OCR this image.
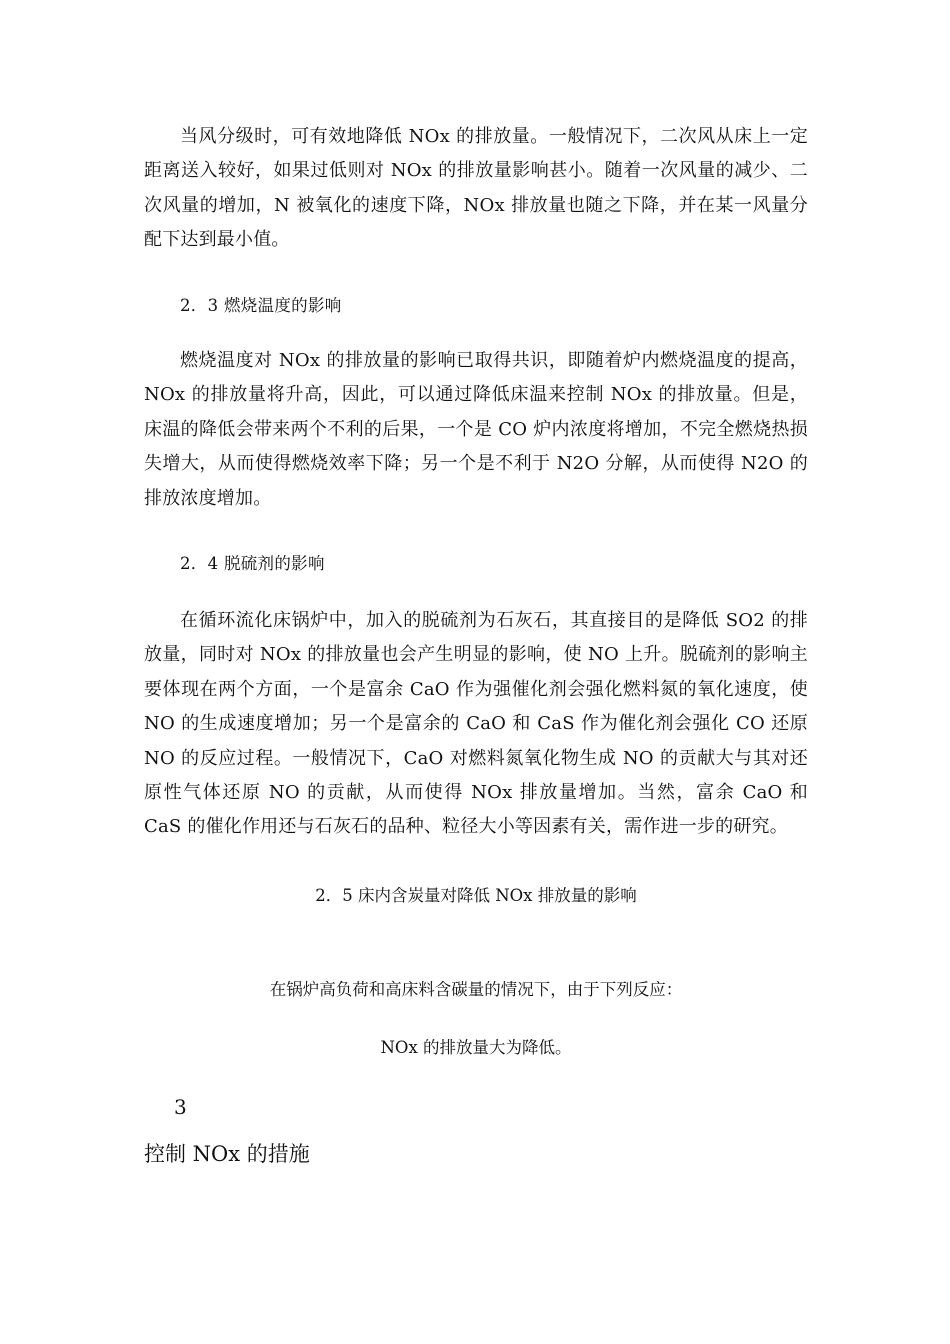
当风分级时，可有效地降低 NOx 的排放量。一般情况下，二次风从床上一定距离送入较好，如果过低则对 NOx 的排放量影响甚小。随着一次风量的减少、二次风量的增加，N 被氧化的速度下降，NOx 排放量也随之下降，并在某一风量分配下达到最小值。

2．3 燃烧温度的影响

燃烧温度对 NOx 的排放量的影响已取得共识，即随着炉内燃烧温度的提高，NOx 的排放量将升高，因此，可以通过降低床温来控制 NOx 的排放量。但是，床温的降低会带来两个不利的后果，一个是 CO 炉内浓度将增加，不完全燃烧热损失增大，从而使得燃烧效率下降；另一个是不利于 N2O 分解，从而使得 N2O 的排放浓度增加。

2．4 脱硫剂的影响

在循环流化床锅炉中，加入的脱硫剂为石灰石，其直接目的是降低 SO2 的排放量，同时对 NOx 的排放量也会产生明显的影响，使 NO 上升。脱硫剂的影响主要体现在两个方面，一个是富余 CaO 作为强催化剂会强化燃料氮的氧化速度，使 NO 的生成速度增加；另一个是富余的 CaO 和 CaS 作为催化剂会强化 CO 还原 NO 的反应过程。一般情况下，CaO 对燃料氮氧化物生成 NO 的贡献大与其对还原性气体还原 NO 的贡献，从而使得 NOx 排放量增加。当然，富余 CaO 和 CaS 的催化作用还与石灰石的品种、粒径大小等因素有关，需作进一步的研究。

2．5 床内含炭量对降低 NOx 排放量的影响

在锅炉高负荷和高床料含碳量的情况下，由于下列反应：

NOx 的排放量大为降低。

3

控制 NOx 的措施
